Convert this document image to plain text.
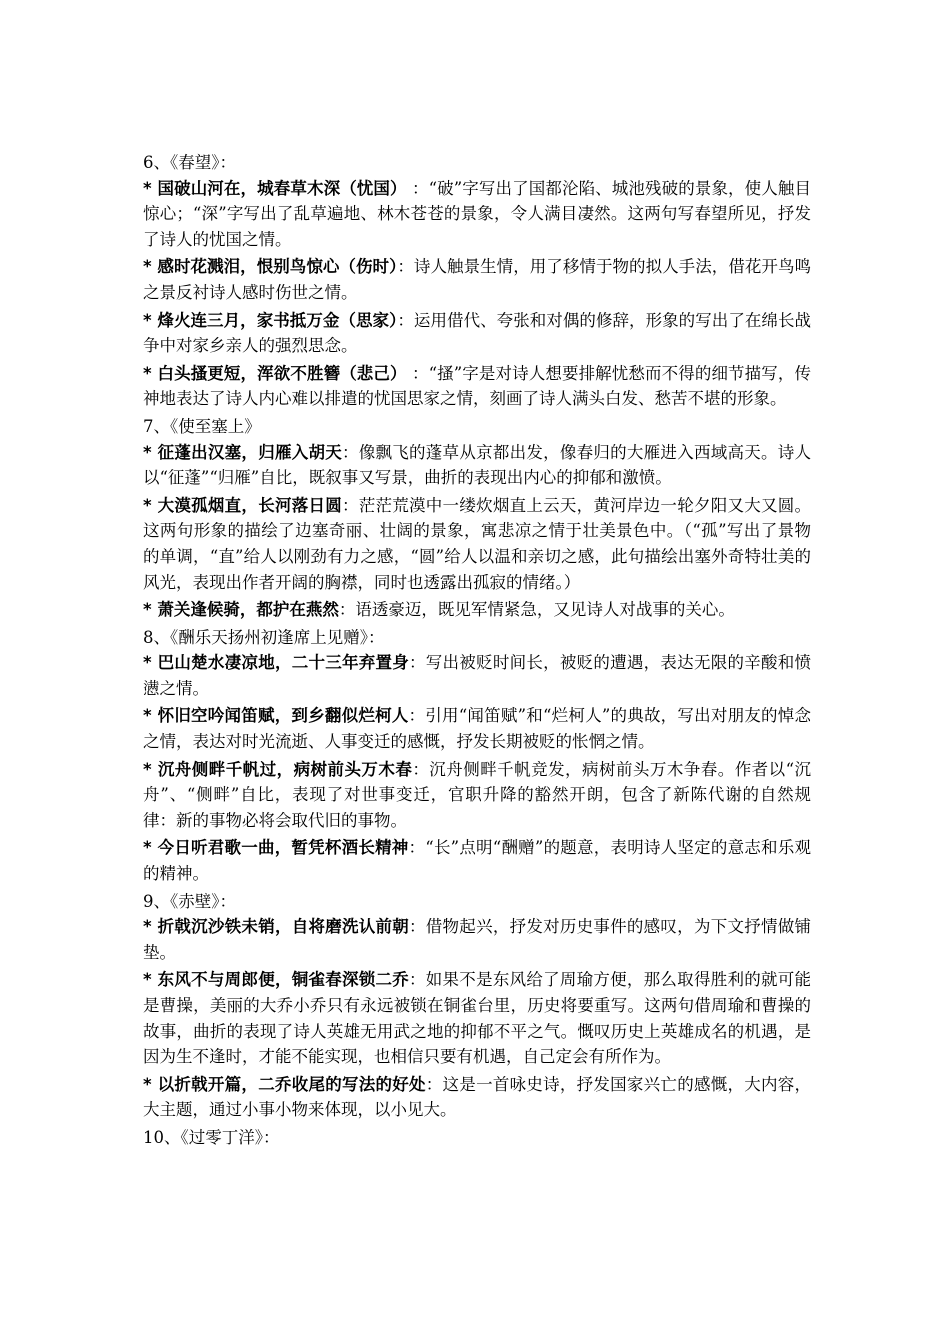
6、《春望》：

* 国破山河在，城春草木深（忧国） ：“破”字写出了国都沦陷、城池残破的景象，使人触目惊心；“深”字写出了乱草遍地、林木苍苍的景象，令人满目凄然。这两句写春望所见，抒发了诗人的忧国之情。

* 感时花溅泪，恨别鸟惊心（伤时）：诗人触景生情，用了移情于物的拟人手法，借花开鸟鸣之景反衬诗人感时伤世之情。

* 烽火连三月，家书抵万金（思家）：运用借代、夸张和对偶的修辞，形象的写出了在绵长战争中对家乡亲人的强烈思念。

* 白头搔更短，浑欲不胜簪（悲己） ：“搔”字是对诗人想要排解忧愁而不得的细节描写，传神地表达了诗人内心难以排遣的忧国思家之情，刻画了诗人满头白发、愁苦不堪的形象。

7、《使至塞上》

* 征蓬出汉塞，归雁入胡天：像飘飞的蓬草从京都出发，像春归的大雁进入西域高天。诗人以“征蓬”“归雁”自比，既叙事又写景，曲折的表现出内心的抑郁和激愤。

* 大漠孤烟直，长河落日圆：茫茫荒漠中一缕炊烟直上云天，黄河岸边一轮夕阳又大又圆。这两句形象的描绘了边塞奇丽、壮阔的景象，寓悲凉之情于壮美景色中。（“孤”写出了景物的单调，“直”给人以刚劲有力之感，“圆”给人以温和亲切之感，此句描绘出塞外奇特壮美的风光，表现出作者开阔的胸襟，同时也透露出孤寂的情绪。）

* 萧关逢候骑，都护在燕然：语透豪迈，既见军情紧急，又见诗人对战事的关心。

8、《酬乐天扬州初逢席上见赠》：

* 巴山楚水凄凉地，二十三年弃置身：写出被贬时间长，被贬的遭遇，表达无限的辛酸和愤懑之情。

* 怀旧空吟闻笛赋，到乡翻似烂柯人：引用“闻笛赋”和“烂柯人”的典故，写出对朋友的悼念之情，表达对时光流逝、人事变迁的感慨，抒发长期被贬的怅惘之情。

* 沉舟侧畔千帆过，病树前头万木春：沉舟侧畔千帆竞发，病树前头万木争春。作者以“沉舟”、“侧畔”自比，表现了对世事变迁，官职升降的豁然开朗，包含了新陈代谢的自然规律：新的事物必将会取代旧的事物。

* 今日听君歌一曲，暂凭杯酒长精神：“长”点明“酬赠”的题意，表明诗人坚定的意志和乐观的精神。

9、《赤壁》：

* 折戟沉沙铁未销，自将磨洗认前朝：借物起兴，抒发对历史事件的感叹，为下文抒情做铺垫。

* 东风不与周郎便，铜雀春深锁二乔：如果不是东风给了周瑜方便，那么取得胜利的就可能是曹操，美丽的大乔小乔只有永远被锁在铜雀台里，历史将要重写。这两句借周瑜和曹操的故事，曲折的表现了诗人英雄无用武之地的抑郁不平之气。慨叹历史上英雄成名的机遇，是因为生不逢时，才能不能实现，也相信只要有机遇，自己定会有所作为。

* 以折戟开篇，二乔收尾的写法的好处：这是一首咏史诗，抒发国家兴亡的感慨，大内容，大主题，通过小事小物来体现，以小见大。

10、《过零丁洋》：
